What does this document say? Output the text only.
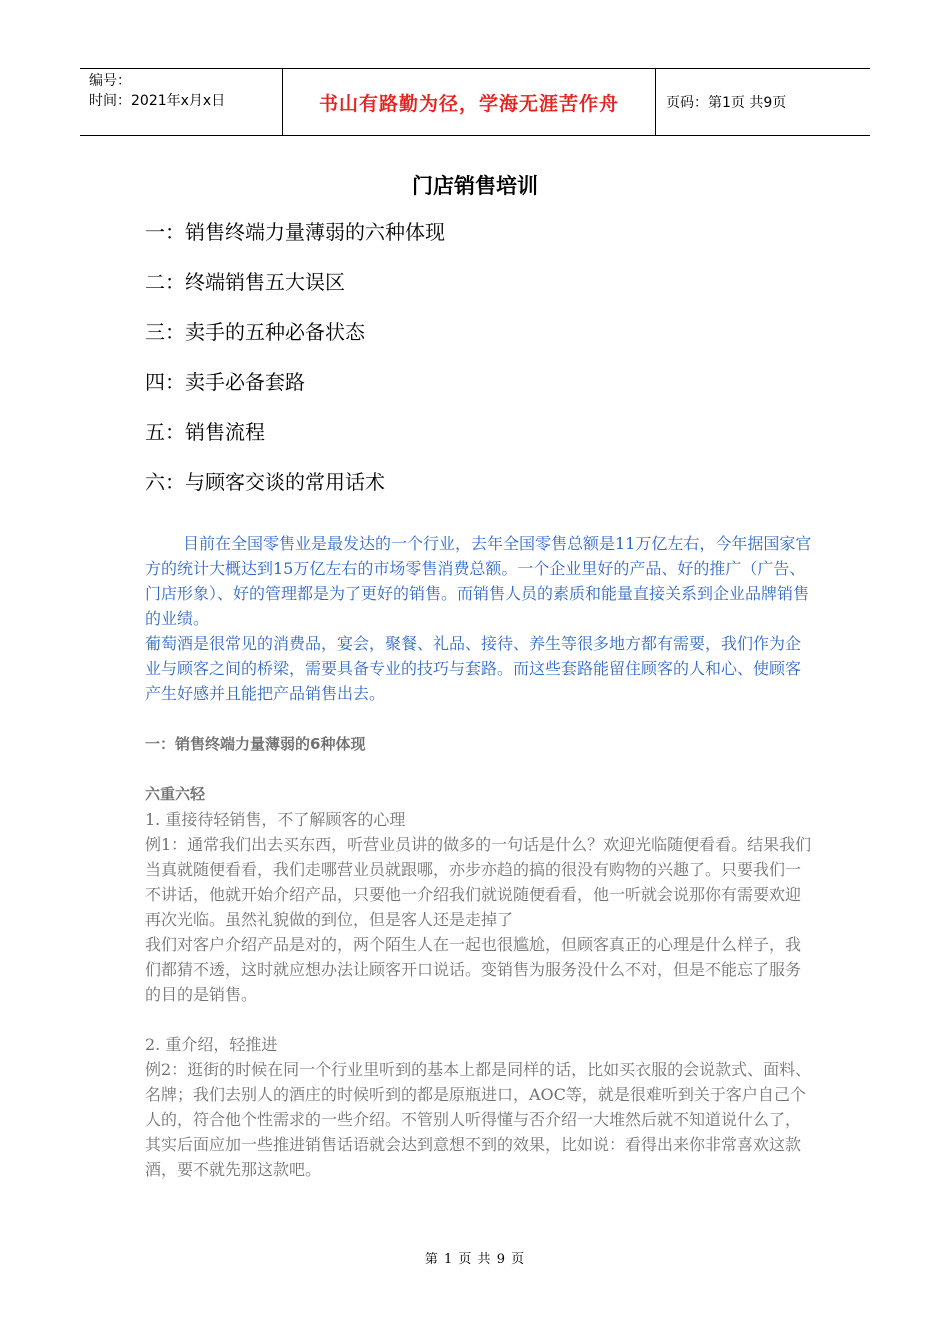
编号：
时间：2021年x月x日	书山有路勤为径，学海无涯苦作舟	页码：第1页 共9页
门店销售培训
一：销售终端力量薄弱的六种体现
二：终端销售五大误区
三：卖手的五种必备状态
四：卖手必备套路
五：销售流程
六：与顾客交谈的常用话术

目前在全国零售业是最发达的一个行业，去年全国零售总额是11万亿左右，今年据国家官方的统计大概达到15万亿左右的市场零售消费总额。一个企业里好的产品、好的推广（广告、门店形象）、好的管理都是为了更好的销售。而销售人员的素质和能量直接关系到企业品牌销售的业绩。

葡萄酒是很常见的消费品，宴会，聚餐、礼品、接待、养生等很多地方都有需要，我们作为企业与顾客之间的桥梁，需要具备专业的技巧与套路。而这些套路能留住顾客的人和心、使顾客产生好感并且能把产品销售出去。

一：销售终端力量薄弱的6种体现

六重六轻

1. 重接待轻销售，不了解顾客的心理

例1：通常我们出去买东西，听营业员讲的做多的一句话是什么？欢迎光临随便看看。结果我们当真就随便看看，我们走哪营业员就跟哪，亦步亦趋的搞的很没有购物的兴趣了。只要我们一不讲话，他就开始介绍产品，只要他一介绍我们就说随便看看，他一听就会说那你有需要欢迎再次光临。虽然礼貌做的到位，但是客人还是走掉了

我们对客户介绍产品是对的，两个陌生人在一起也很尴尬，但顾客真正的心理是什么样子，我们都猜不透，这时就应想办法让顾客开口说话。变销售为服务没什么不对，但是不能忘了服务的目的是销售。

2. 重介绍，轻推进

例2：逛街的时候在同一个行业里听到的基本上都是同样的话，比如买衣服的会说款式、面料、名牌；我们去别人的酒庄的时候听到的都是原瓶进口，AOC等，就是很难听到关于客户自己个人的，符合他个性需求的一些介绍。不管别人听得懂与否介绍一大堆然后就不知道说什么了，其实后面应加一些推进销售话语就会达到意想不到的效果，比如说：看得出来你非常喜欢这款酒，要不就先那这款吧。

第 1 页 共 9 页
